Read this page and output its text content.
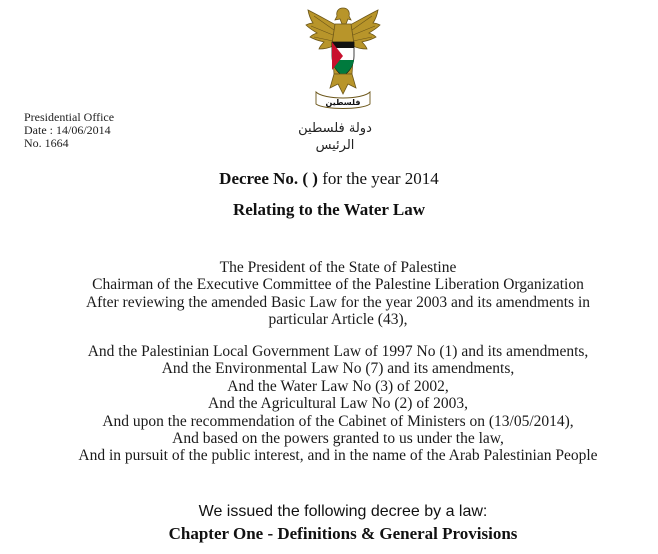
فلسطين
Presidential Office
Date : 14/06/2014
No. 1664
دولة فلسطين
الرئيس
Decree No. ( ) for the year 2014
Relating to the Water Law
The President of the State of Palestine
Chairman of the Executive Committee of the Palestine Liberation Organization
After reviewing the amended Basic Law for the year 2003 and its amendments in
particular Article (43),
And the Palestinian Local Government Law of 1997 No (1) and its amendments,
And the Environmental Law No (7) and its amendments,
And the Water Law No (3) of 2002,
And the Agricultural Law No (2) of 2003,
And upon the recommendation of the Cabinet of Ministers on (13/05/2014),
And based on the powers granted to us under the law,
And in pursuit of the public interest, and in the name of the Arab Palestinian People
We issued the following decree by a law:
Chapter One - Definitions & General Provisions
